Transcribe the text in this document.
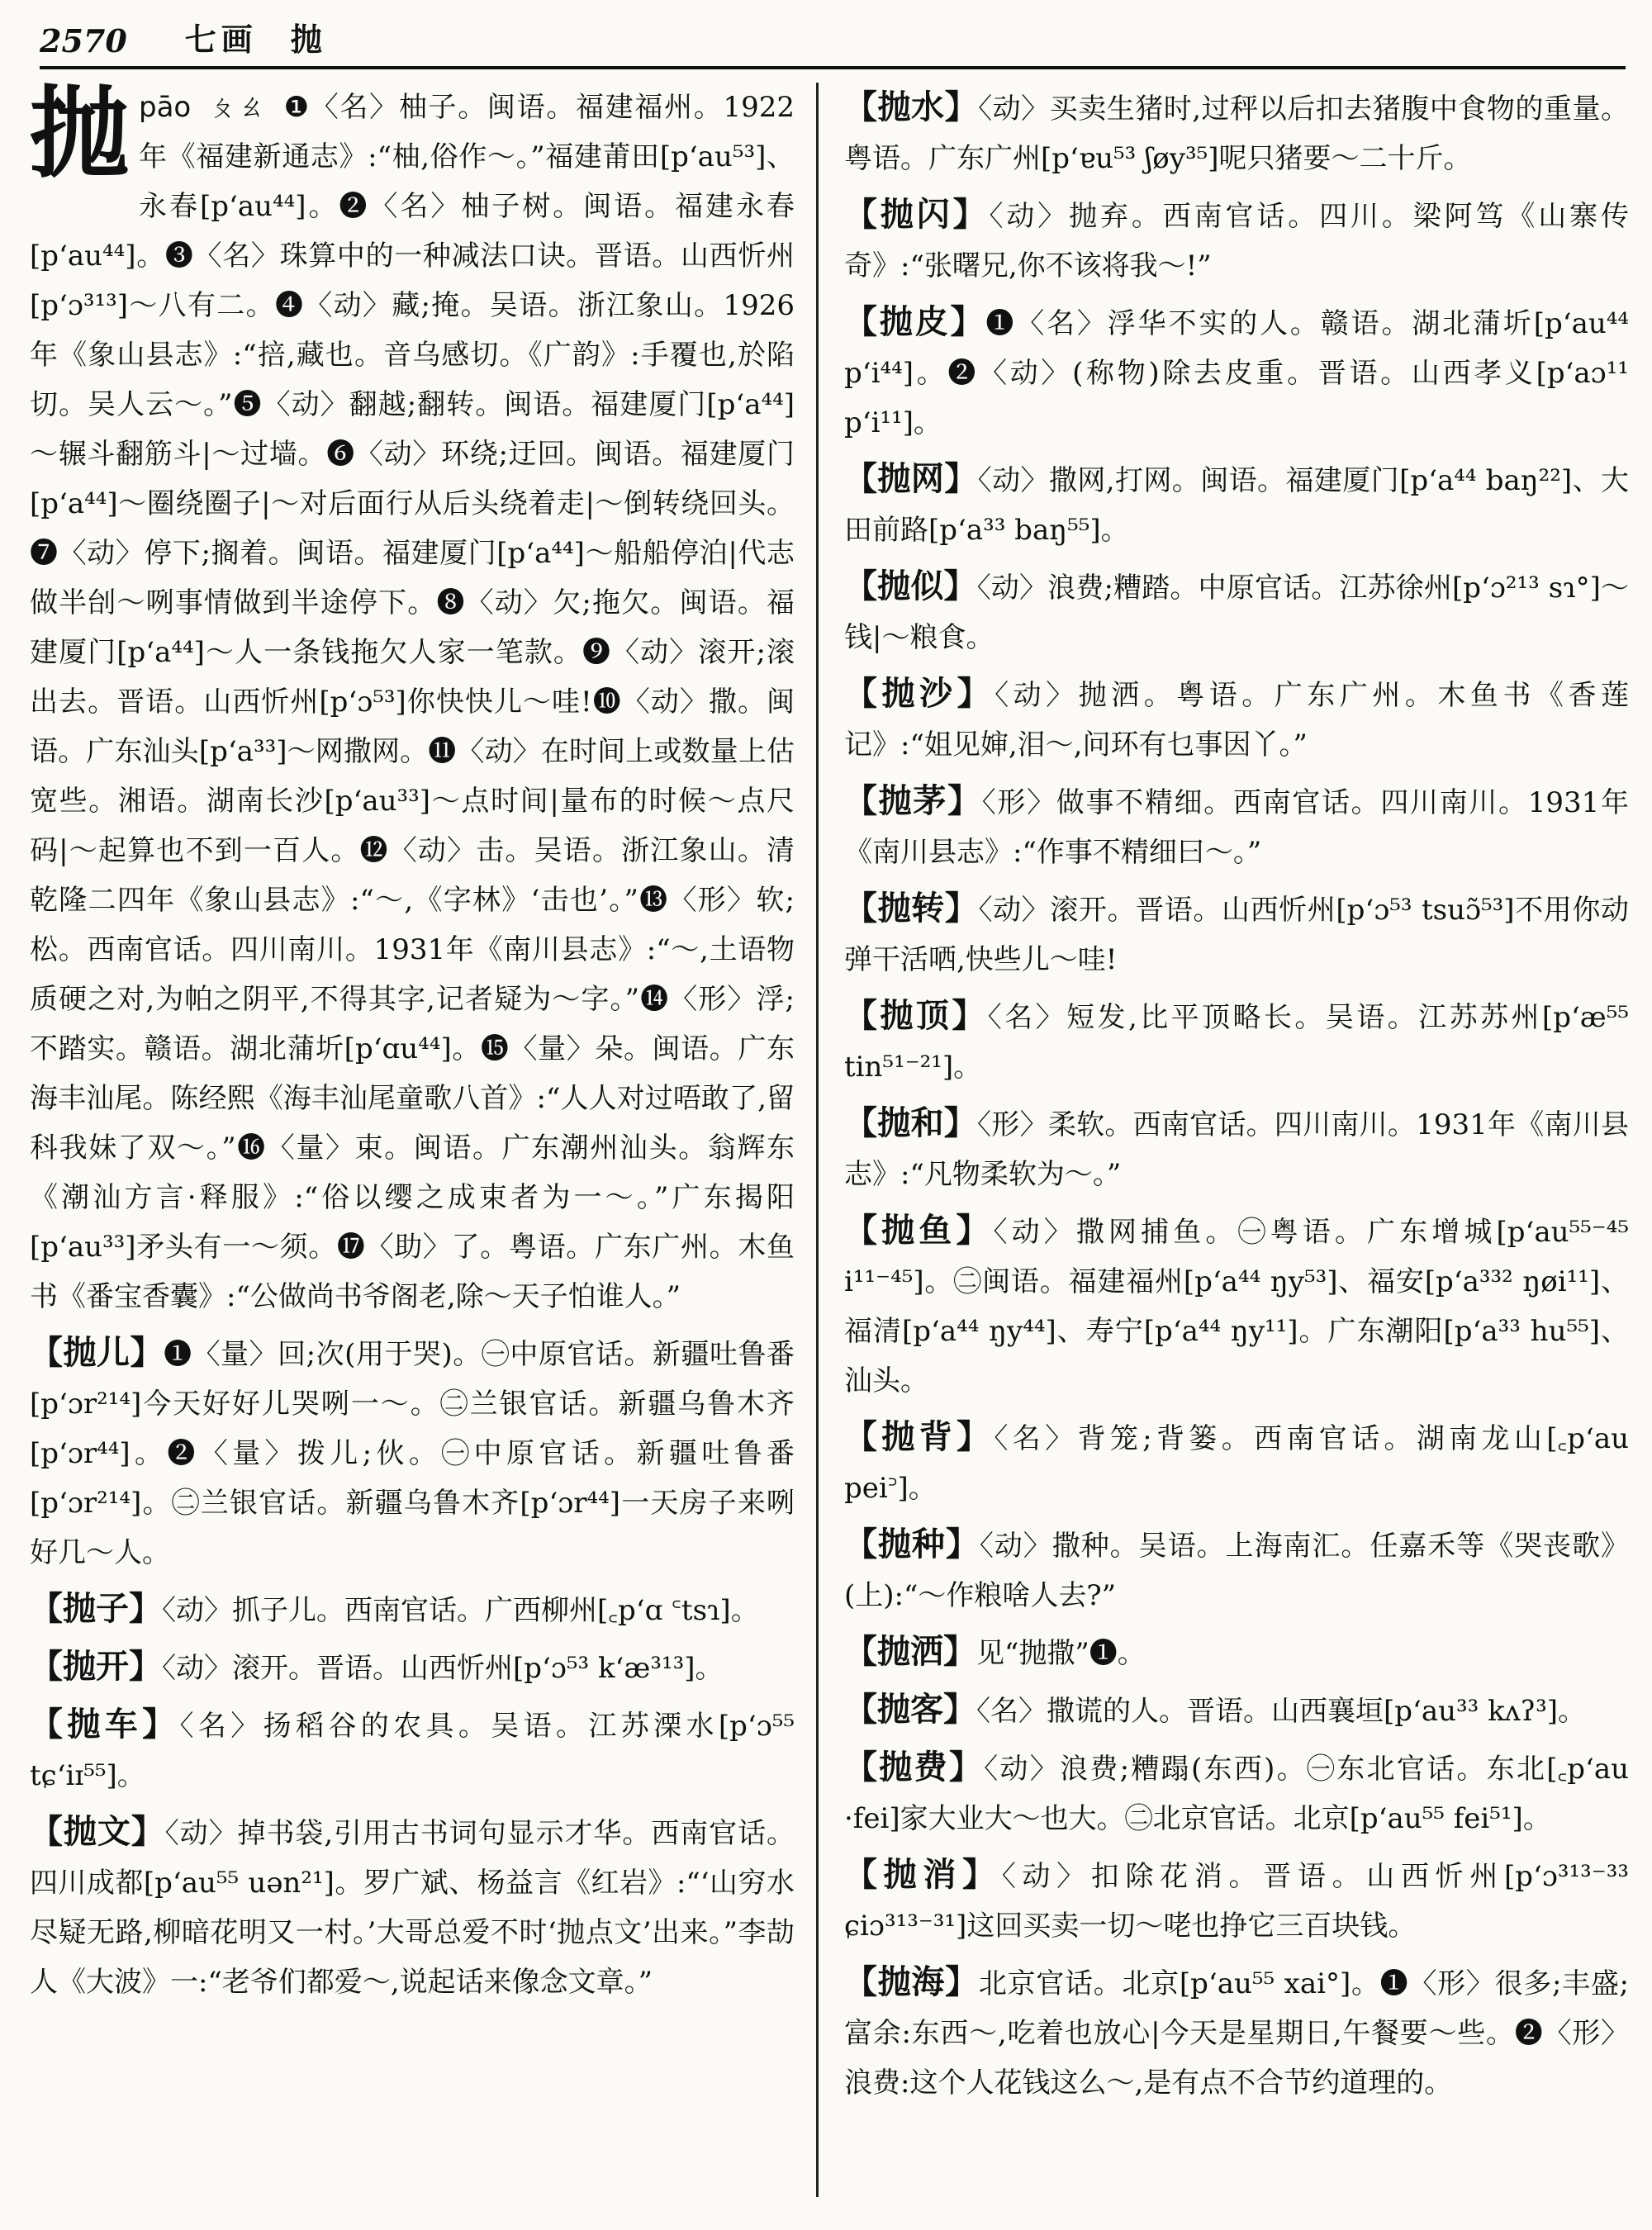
2570 七画 抛
抛 pāo ㄆㄠ ❶〈名〉柚子。闽语。福建福州。1922年《福建新通志》:“柚,俗作～。”福建莆田[p‘au⁵³]、永春[p‘au⁴⁴]。❷〈名〉柚子树。闽语。福建永春[p‘au⁴⁴]。❸〈名〉珠算中的一种减法口诀。晋语。山西忻州[p‘ɔ³¹³]～八有二。❹〈动〉藏;掩。吴语。浙江象山。1926年《象山县志》:“掊,藏也。音乌感切。《广韵》:手覆也,於陷切。吴人云～。”❺〈动〉翻越;翻转。闽语。福建厦门[p‘a⁴⁴]～辗斗翻筋斗|～过墙。❻〈动〉环绕;迂回。闽语。福建厦门[p‘a⁴⁴]～圈绕圈子|～对后面行从后头绕着走|～倒转绕回头。❼〈动〉停下;搁着。闽语。福建厦门[p‘a⁴⁴]～船船停泊|代志做半刣～咧事情做到半途停下。❽〈动〉欠;拖欠。闽语。福建厦门[p‘a⁴⁴]～人一条钱拖欠人家一笔款。❾〈动〉滚开;滚出去。晋语。山西忻州[p‘ɔ⁵³]你快快儿～哇!❿〈动〉撒。闽语。广东汕头[p‘a³³]～网撒网。⓫〈动〉在时间上或数量上估宽些。湘语。湖南长沙[p‘au³³]～点时间|量布的时候～点尺码|～起算也不到一百人。⓬〈动〉击。吴语。浙江象山。清乾隆二四年《象山县志》:“～,《字林》‘击也’。”⓭〈形〉软;松。西南官话。四川南川。1931年《南川县志》:“～,土语物质硬之对,为帕之阴平,不得其字,记者疑为～字。”⓮〈形〉浮;不踏实。赣语。湖北蒲圻[p‘ɑu⁴⁴]。⓯〈量〉朵。闽语。广东海丰汕尾。陈经熙《海丰汕尾童歌八首》:“人人对过唔敢了,留科我妹了双～。”⓰〈量〉束。闽语。广东潮州汕头。翁辉东《潮汕方言·释服》:“俗以缨之成束者为一～。”广东揭阳[p‘au³³]矛头有一～须。⓱〈助〉了。粤语。广东广州。木鱼书《番宝香囊》:“公做尚书爷阁老,除～天子怕谁人。”
【抛儿】❶〈量〉回;次(用于哭)。㊀中原官话。新疆吐鲁番[p‘ɔr²¹⁴]今天好好儿哭咧一～。㊁兰银官话。新疆乌鲁木齐[p‘ɔr⁴⁴]。❷〈量〉拨儿;伙。㊀中原官话。新疆吐鲁番[p‘ɔr²¹⁴]。㊁兰银官话。新疆乌鲁木齐[p‘ɔr⁴⁴]一天房子来咧好几～人。
【抛子】〈动〉抓子儿。西南官话。广西柳州[꜀p‘ɑ ꜂tsɿ]。
【抛开】〈动〉滚开。晋语。山西忻州[p‘ɔ⁵³ k‘æ³¹³]。
【抛车】〈名〉扬稻谷的农具。吴语。江苏溧水[p‘ɔ⁵⁵ tɕ‘iɪ⁵⁵]。
【抛文】〈动〉掉书袋,引用古书词句显示才华。西南官话。四川成都[p‘au⁵⁵ uən²¹]。罗广斌、杨益言《红岩》:“‘山穷水尽疑无路,柳暗花明又一村。’大哥总爱不时‘抛点文’出来。”李劼人《大波》一:“老爷们都爱～,说起话来像念文章。”
【抛水】〈动〉买卖生猪时,过秤以后扣去猪腹中食物的重量。粤语。广东广州[p‘ɐu⁵³ ʃøy³⁵]呢只猪要～二十斤。
【抛闪】〈动〉抛弃。西南官话。四川。梁阿笃《山寨传奇》:“张曙兄,你不该将我～!”
【抛皮】❶〈名〉浮华不实的人。赣语。湖北蒲圻[p‘au⁴⁴ p‘i⁴⁴]。❷〈动〉(称物)除去皮重。晋语。山西孝义[p‘aɔ¹¹ p‘i¹¹]。
【抛网】〈动〉撒网,打网。闽语。福建厦门[p‘a⁴⁴ baŋ²²]、大田前路[p‘a³³ baŋ⁵⁵]。
【抛似】〈动〉浪费;糟踏。中原官话。江苏徐州[p‘ɔ²¹³ sɿ°]～钱|～粮食。
【抛沙】〈动〉抛洒。粤语。广东广州。木鱼书《香莲记》:“姐见婶,泪～,问环有乜事因丫。”
【抛茅】〈形〉做事不精细。西南官话。四川南川。1931年《南川县志》:“作事不精细曰～。”
【抛转】〈动〉滚开。晋语。山西忻州[p‘ɔ⁵³ tsuɔ̃⁵³]不用你动弹干活哂,快些儿～哇!
【抛顶】〈名〉短发,比平顶略长。吴语。江苏苏州[p‘æ⁵⁵ tin⁵¹⁻²¹]。
【抛和】〈形〉柔软。西南官话。四川南川。1931年《南川县志》:“凡物柔软为～。”
【抛鱼】〈动〉撒网捕鱼。㊀粤语。广东增城[p‘au⁵⁵⁻⁴⁵ i¹¹⁻⁴⁵]。㊁闽语。福建福州[p‘a⁴⁴ ŋy⁵³]、福安[p‘a³³² ŋøi¹¹]、福清[p‘a⁴⁴ ŋy⁴⁴]、寿宁[p‘a⁴⁴ ŋy¹¹]。广东潮阳[p‘a³³ hu⁵⁵]、汕头。
【抛背】〈名〉背笼;背篓。西南官话。湖南龙山[꜀p‘au pei꜄]。
【抛种】〈动〉撒种。吴语。上海南汇。任嘉禾等《哭丧歌》(上):“～作粮啥人去?”
【抛洒】见“抛撒”❶。
【抛客】〈名〉撒谎的人。晋语。山西襄垣[p‘au³³ kʌʔ³]。
【抛费】〈动〉浪费;糟蹋(东西)。㊀东北官话。东北[꜀p‘au ·fei]家大业大～也大。㊁北京官话。北京[p‘au⁵⁵ fei⁵¹]。
【抛消】〈动〉扣除花消。晋语。山西忻州[p‘ɔ³¹³⁻³³ ɕiɔ³¹³⁻³¹]这回买卖一切～咾也挣它三百块钱。
【抛海】北京官话。北京[p‘au⁵⁵ xai°]。❶〈形〉很多;丰盛;富余:东西～,吃着也放心|今天是星期日,午餐要～些。❷〈形〉浪费:这个人花钱这么～,是有点不合节约道理的。
